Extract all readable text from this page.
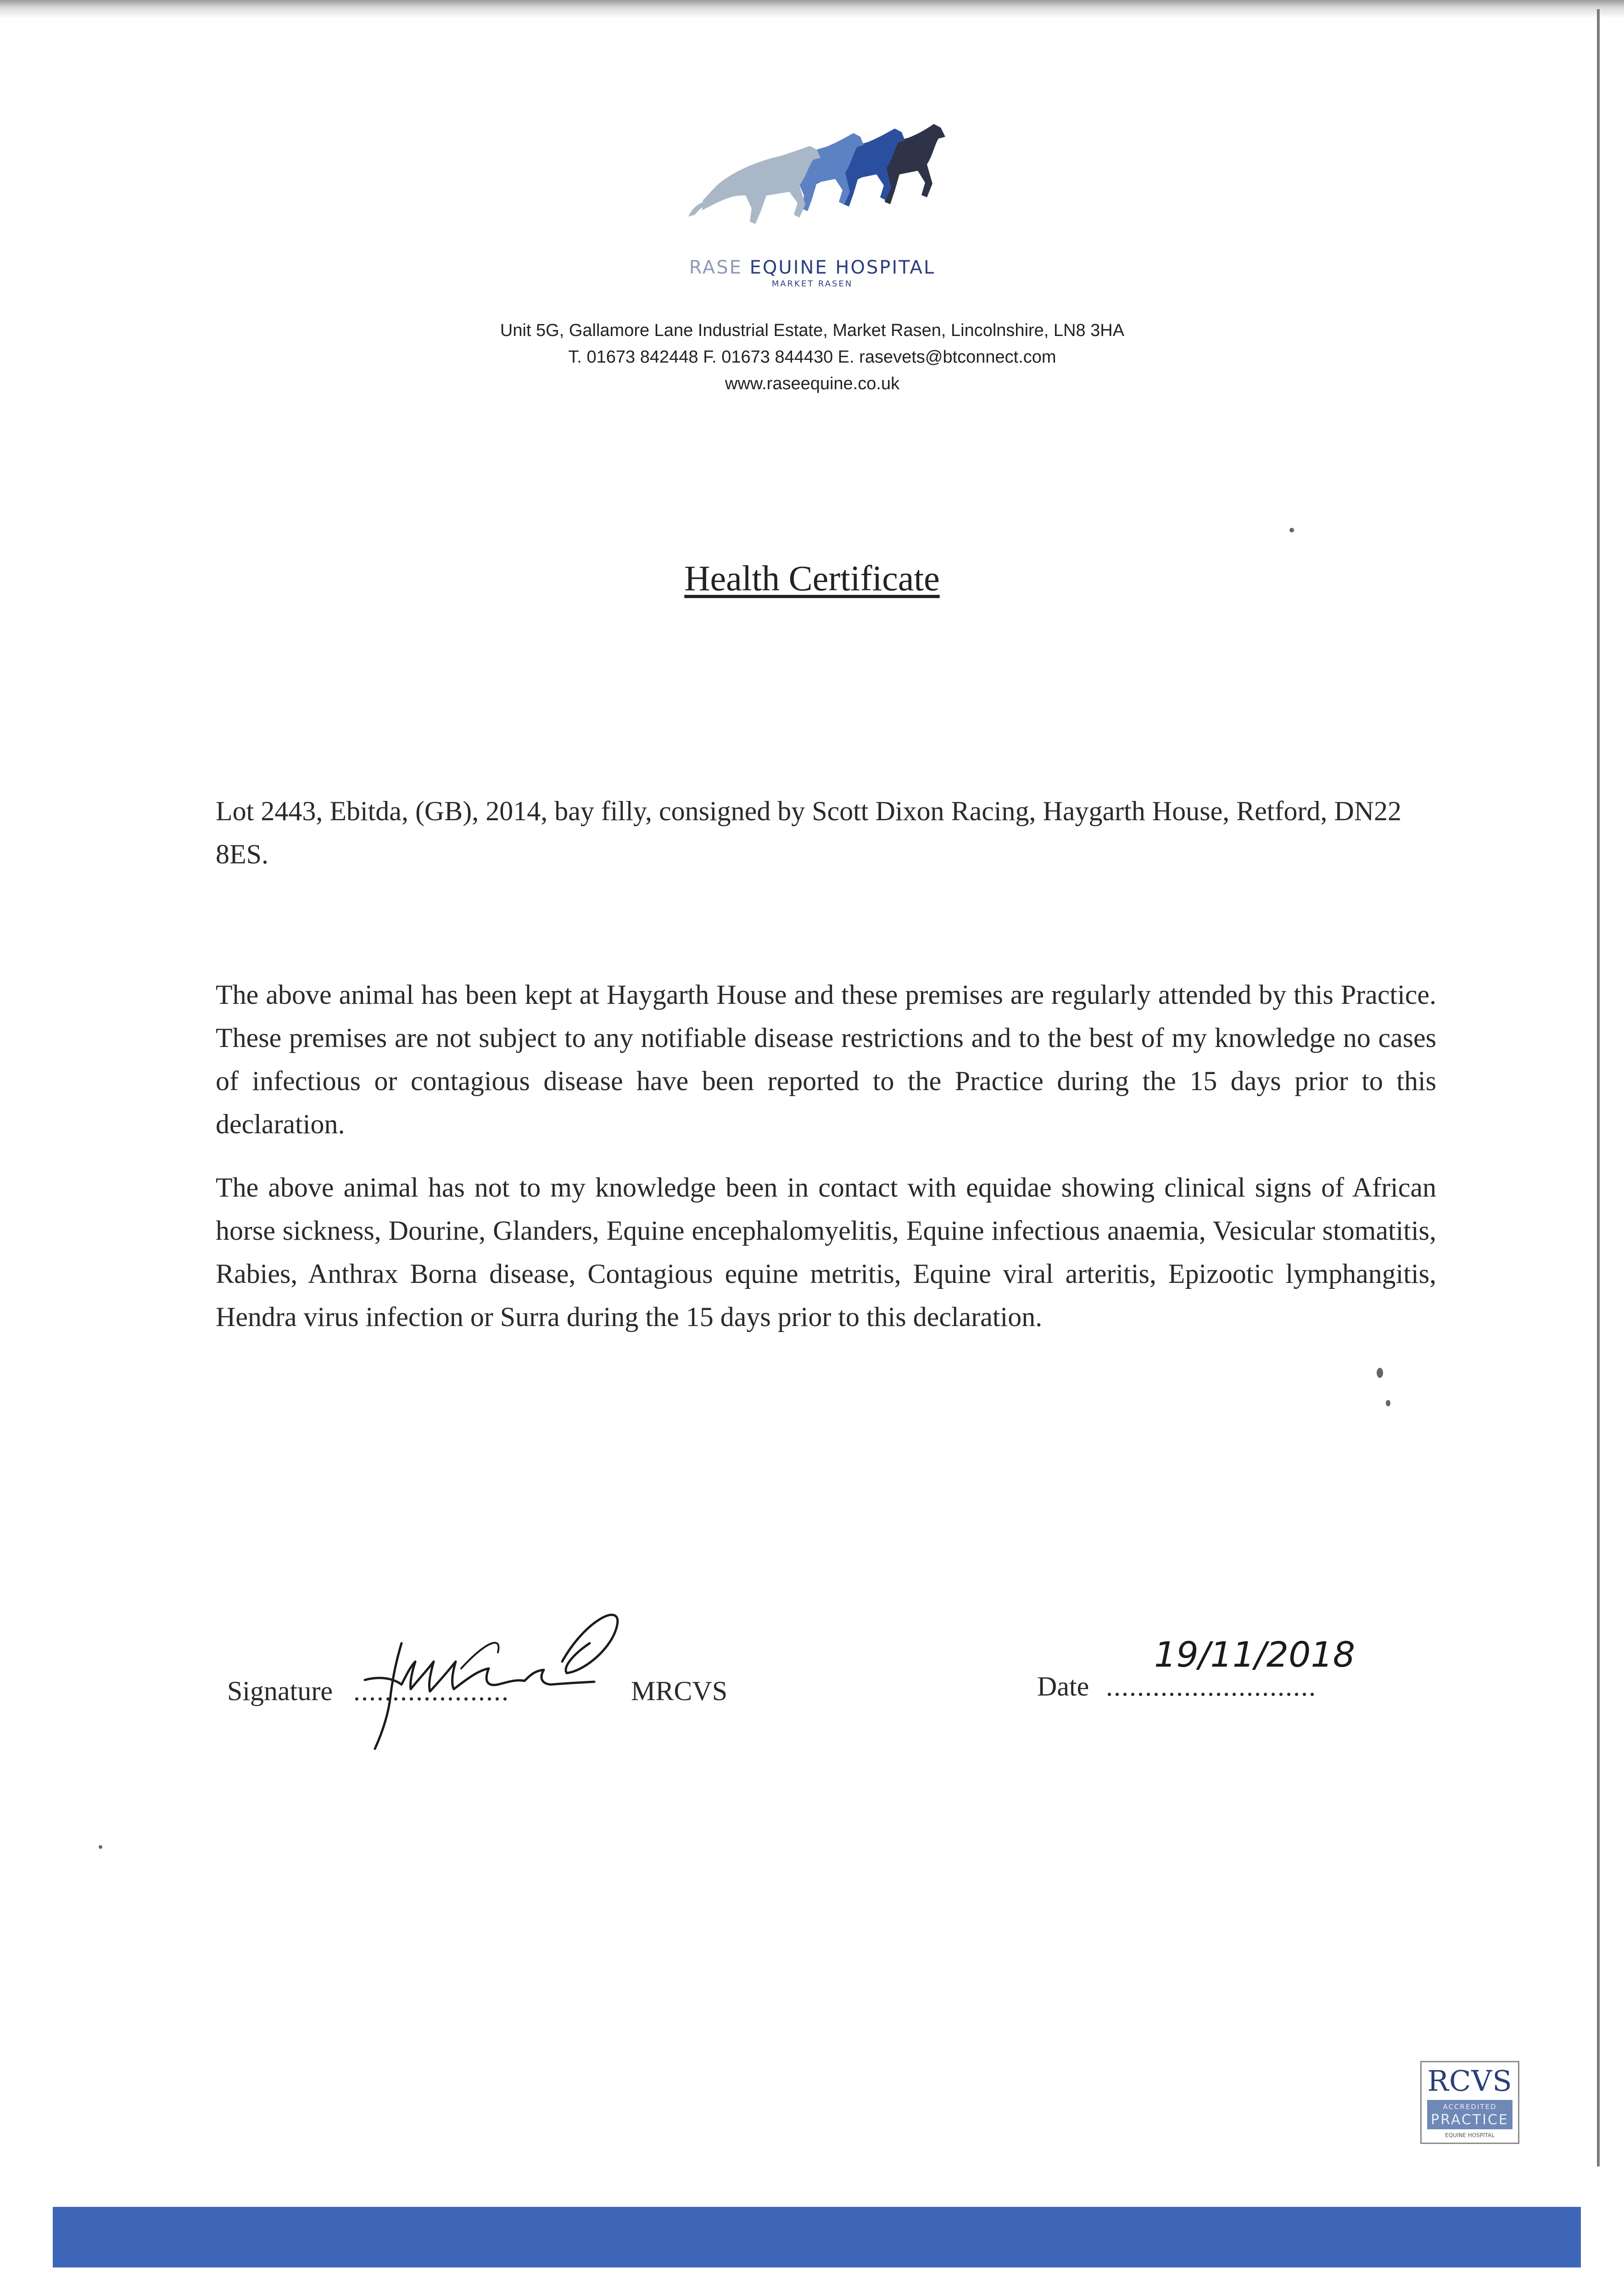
RASE EQUINE HOSPITAL
MARKET RASEN
Unit 5G, Gallamore Lane Industrial Estate, Market Rasen, Lincolnshire, LN8 3HA
T. 01673 842448 F. 01673 844430 E. rasevets@btconnect.com
www.raseequine.co.uk
Health Certificate

Lot 2443, Ebitda, (GB), 2014, bay filly, consigned by Scott Dixon Racing, Haygarth House, Retford, DN22 8ES.

The above animal has been kept at Haygarth House and these premises are regularly attended by this Practice. These premises are not subject to any notifiable disease restrictions and to the best of my knowledge no cases of infectious or contagious disease have been reported to the Practice during the 15 days prior to this declaration.

The above animal has not to my knowledge been in contact with equidae showing clinical signs of African horse sickness, Dourine, Glanders, Equine encephalomyelitis, Equine infectious anaemia, Vesicular stomatitis, Rabies, Anthrax Borna disease, Contagious equine metritis, Equine viral arteritis, Epizootic lymphangitis, Hendra virus infection or Surra during the 15 days prior to this declaration.

Signature ....................	MRCVS	Date ...........................
19/11/2018
RCVS
ACCREDITED
PRACTICE
EQUINE HOSPITAL
